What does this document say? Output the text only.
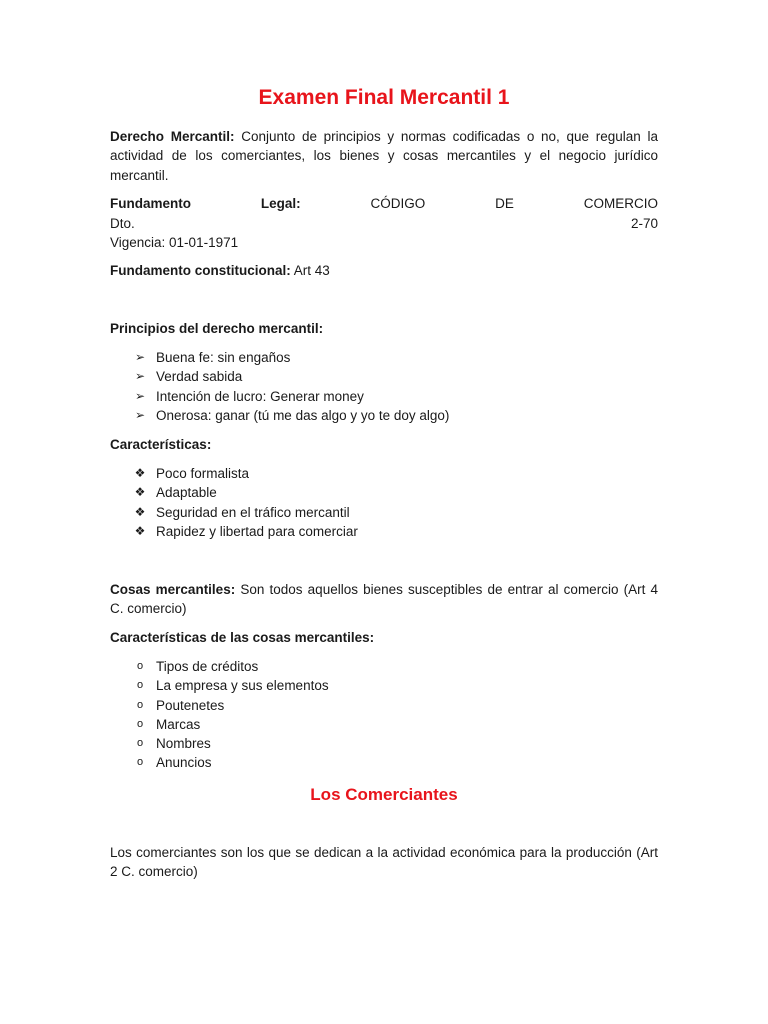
Examen Final Mercantil 1
Derecho Mercantil: Conjunto de principios y normas codificadas o no, que regulan la actividad de los comerciantes, los bienes y cosas mercantiles y el negocio jurídico mercantil.
Fundamento	Legal:	CÓDIGO	DE	COMERCIO
Dto.	2-70
Vigencia: 01-01-1971
Fundamento constitucional: Art 43
Principios del derecho mercantil:
➢ Buena fe: sin engaños
➢ Verdad sabida
➢ Intención de lucro: Generar money
➢ Onerosa: ganar (tú me das algo y yo te doy algo)
Características:
❖ Poco formalista
❖ Adaptable
❖ Seguridad en el tráfico mercantil
❖ Rapidez y libertad para comerciar
Cosas mercantiles: Son todos aquellos bienes susceptibles de entrar al comercio (Art 4 C. comercio)
Características de las cosas mercantiles:
o Tipos de créditos
o La empresa y sus elementos
o Poutenetes
o Marcas
o Nombres
o Anuncios
Los Comerciantes
Los comerciantes son los que se dedican a la actividad económica para la producción (Art 2 C. comercio)
